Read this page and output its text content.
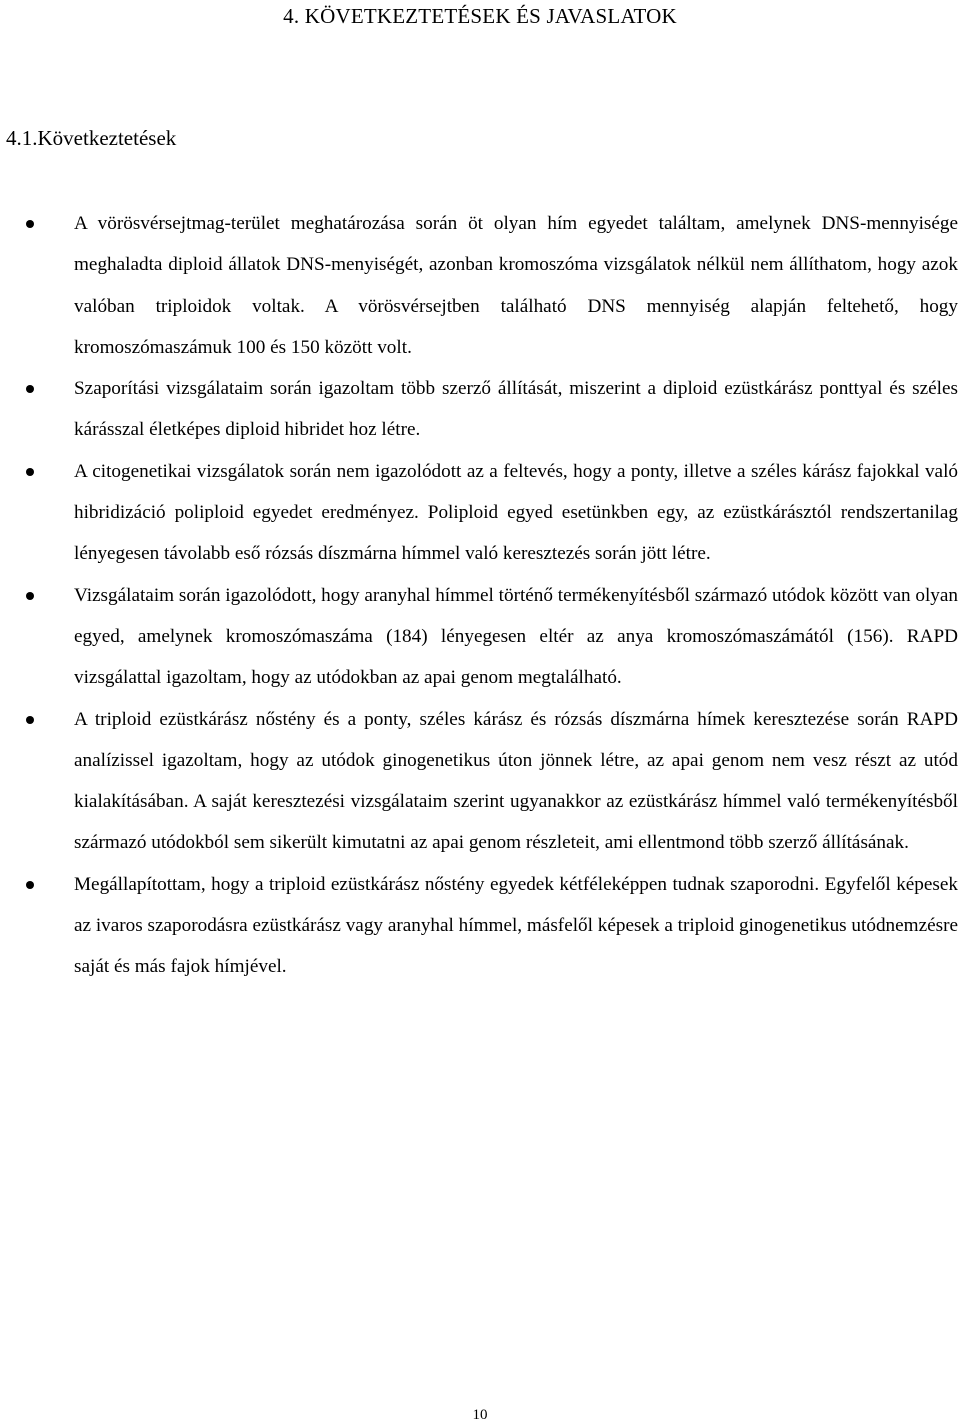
4. KÖVETKEZTETÉSEK ÉS JAVASLATOK
4.1.Következtetések
A vörösvérsejtmag-terület meghatározása során öt olyan hím egyedet találtam, amelynek DNS-mennyisége meghaladta diploid állatok DNS-menyiségét, azonban kromoszóma vizsgálatok nélkül nem állíthatom, hogy azok valóban triploidok voltak. A vörösvérsejtben található DNS mennyiség alapján feltehető, hogy kromoszómaszámuk 100 és 150 között volt.
Szaporítási vizsgálataim során igazoltam több szerző állítását, miszerint a diploid ezüstkárász ponttyal és széles kárásszal életképes diploid hibridet hoz létre.
A citogenetikai vizsgálatok során nem igazolódott az a feltevés, hogy a ponty, illetve a széles kárász fajokkal való hibridizáció poliploid egyedet eredményez. Poliploid egyed esetünkben egy, az ezüstkárásztól rendszertanilag lényegesen távolabb eső rózsás díszmárna hímmel való keresztezés során jött létre.
Vizsgálataim során igazolódott, hogy aranyhal hímmel történő termékenyítésből származó utódok között van olyan egyed, amelynek kromoszómaszáma (184) lényegesen eltér az anya kromoszómaszámától (156). RAPD vizsgálattal igazoltam, hogy az utódokban az apai genom megtalálható.
A triploid ezüstkárász nőstény és a ponty, széles kárász és rózsás díszmárna hímek keresztezése során RAPD analízissel igazoltam, hogy az utódok ginogenetikus úton jönnek létre, az apai genom nem vesz részt az utód kialakításában. A saját keresztezési vizsgálataim szerint ugyanakkor az ezüstkárász hímmel való termékenyítésből származó utódokból sem sikerült kimutatni az apai genom részleteit, ami ellentmond több szerző állításának.
Megállapítottam, hogy a triploid ezüstkárász nőstény egyedek kétféleképpen tudnak szaporodni. Egyfelől képesek az ivaros szaporodásra ezüstkárász vagy aranyhal hímmel, másfelől képesek a triploid ginogenetikus utódnemzésre saját és más fajok hímjével.
10
